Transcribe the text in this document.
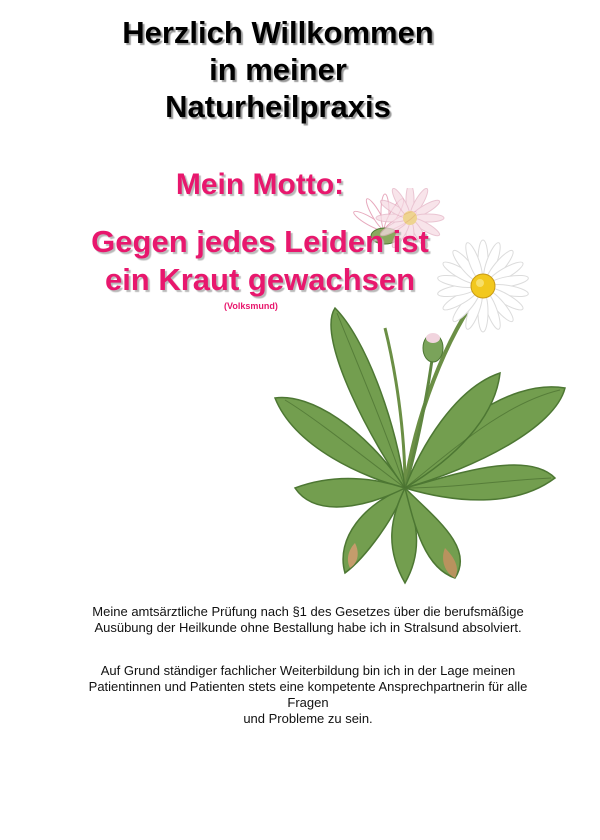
Herzlich Willkommen
in meiner
Naturheilpraxis
Mein Motto:
Gegen jedes Leiden ist
ein Kraut gewachsen
(Volksmund)
Meine amtsärztliche Prüfung nach §1 des Gesetzes über die berufsmäßige
Ausübung der Heilkunde ohne Bestallung habe ich in Stralsund absolviert.
Auf Grund ständiger fachlicher Weiterbildung bin ich in der Lage meinen
Patientinnen und Patienten stets eine kompetente Ansprechpartnerin für alle
Fragen
und Probleme zu sein.
